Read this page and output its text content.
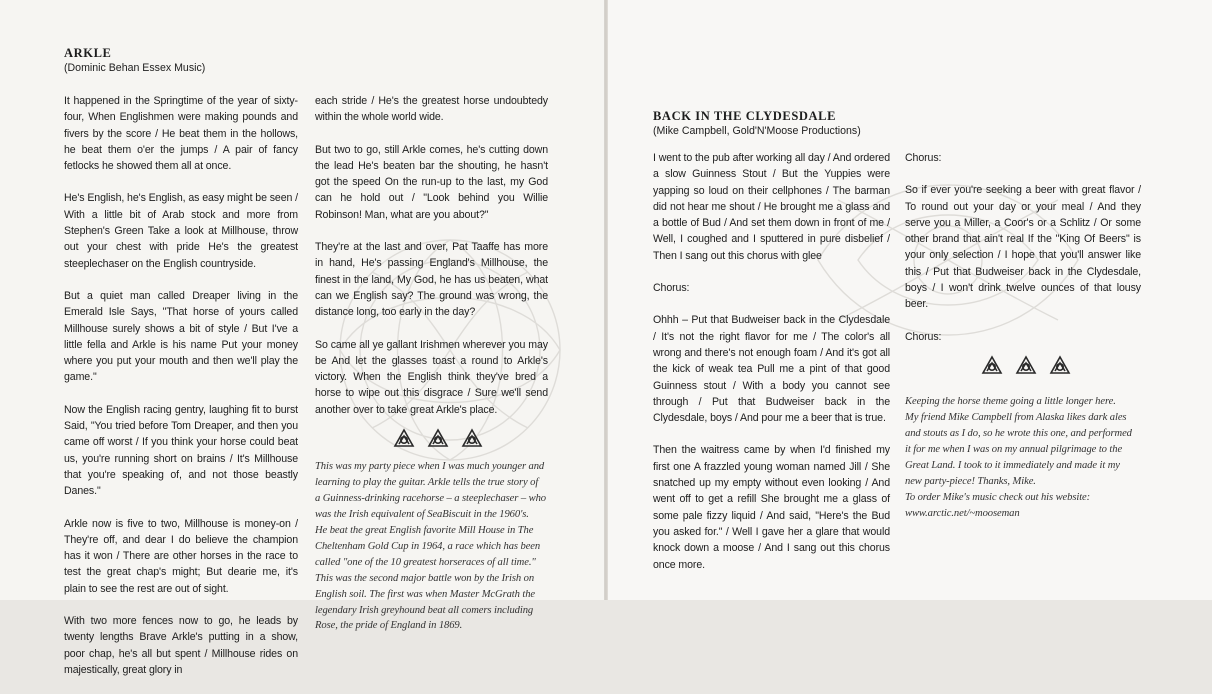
ARKLE
(Dominic Behan Essex Music)

It happened in the Springtime of the year of sixty-four, When Englishmen were making pounds and fivers by the score / He beat them in the hollows, he beat them o'er the jumps / A pair of fancy fetlocks he showed them all at once.

He's English, he's English, as easy might be seen / With a little bit of Arab stock and more from Stephen's Green Take a look at Millhouse, throw out your chest with pride He's the greatest steeplechaser on the English countryside.

But a quiet man called Dreaper living in the Emerald Isle Says, "That horse of yours called Millhouse surely shows a bit of style / But I've a little fella and Arkle is his name Put your money where you put your mouth and then we'll play the game."

Now the English racing gentry, laughing fit to burst Said, "You tried before Tom Dreaper, and then you came off worst / If you think your horse could beat us, you're running short on brains / It's Millhouse that you're speaking of, and not those beastly Danes."

Arkle now is five to two, Millhouse is money-on / They're off, and dear I do believe the champion has it won / There are other horses in the race to test the great chap's might; But dearie me, it's plain to see the rest are out of sight.

With two more fences now to go, he leads by twenty lengths Brave Arkle's putting in a show, poor chap, he's all but spent / Millhouse rides on majestically, great glory in

each stride / He's the greatest horse undoubtedy within the whole world wide.

But two to go, still Arkle comes, he's cutting down the lead He's beaten bar the shouting, he hasn't got the speed On the run-up to the last, my God can he hold out / "Look behind you Willie Robinson! Man, what are you about?"

They're at the last and over, Pat Taaffe has more in hand, He's passing England's Millhouse, the finest in the land, My God, he has us beaten, what can we English say? The ground was wrong, the distance long, too early in the day?

So came all ye gallant Irishmen wherever you may be And let the glasses toast a round to Arkle's victory. When the English think they've bred a horse to wipe out this disgrace / Sure we'll send another over to take great Arkle's place.

This was my party piece when I was much younger and
learning to play the guitar. Arkle tells the true story of
a Guinness-drinking racehorse – a steeplechaser – who
was the Irish equivalent of SeaBiscuit in the 1960's.
He beat the great English favorite Mill House in The
Cheltenham Gold Cup in 1964, a race which has been
called "one of the 10 greatest horseraces of all time."
This was the second major battle won by the Irish on
English soil. The first was when Master McGrath the
legendary Irish greyhound beat all comers including
Rose, the pride of England in 1869.
BACK IN THE CLYDESDALE
(Mike Campbell, Gold'N'Moose Productions)

I went to the pub after working all day / And ordered a slow Guinness Stout / But the Yuppies were yapping so loud on their cellphones / The barman did not hear me shout / He brought me a glass and a bottle of Bud / And set them down in front of me / Well, I coughed and I sputtered in pure disbelief / Then I sang out this chorus with glee

Chorus:

Ohhh – Put that Budweiser back in the Clydesdale / It's not the right flavor for me / The color's all wrong and there's not enough foam / And it's got all the kick of weak tea Pull me a pint of that good Guinness stout / With a body you cannot see through / Put that Budweiser back in the Clydesdale, boys / And pour me a beer that is true.

Then the waitress came by when I'd finished my first one A frazzled young woman named Jill / She snatched up my empty without even looking / And went off to get a refill She brought me a glass of some pale fizzy liquid / And said, "Here's the Bud you asked for." / Well I gave her a glare that would knock down a moose / And I sang out this chorus once more.

Chorus:

So if ever you're seeking a beer with great flavor / To round out your day or your meal / And they serve you a Miller, a Coor's or a Schlitz / Or some other brand that ain't real If the "King Of Beers" is your only selection / I hope that you'll answer like this / Put that Budweiser back in the Clydesdale, boys / I won't drink twelve ounces of that lousy beer.

Chorus:

Keeping the horse theme going a little longer here.
My friend Mike Campbell from Alaska likes dark ales
and stouts as I do, so he wrote this one, and performed
it for me when I was on my annual pilgrimage to the
Great Land. I took to it immediately and made it my
new party-piece! Thanks, Mike.
To order Mike's music check out his website:
www.arctic.net/~mooseman
